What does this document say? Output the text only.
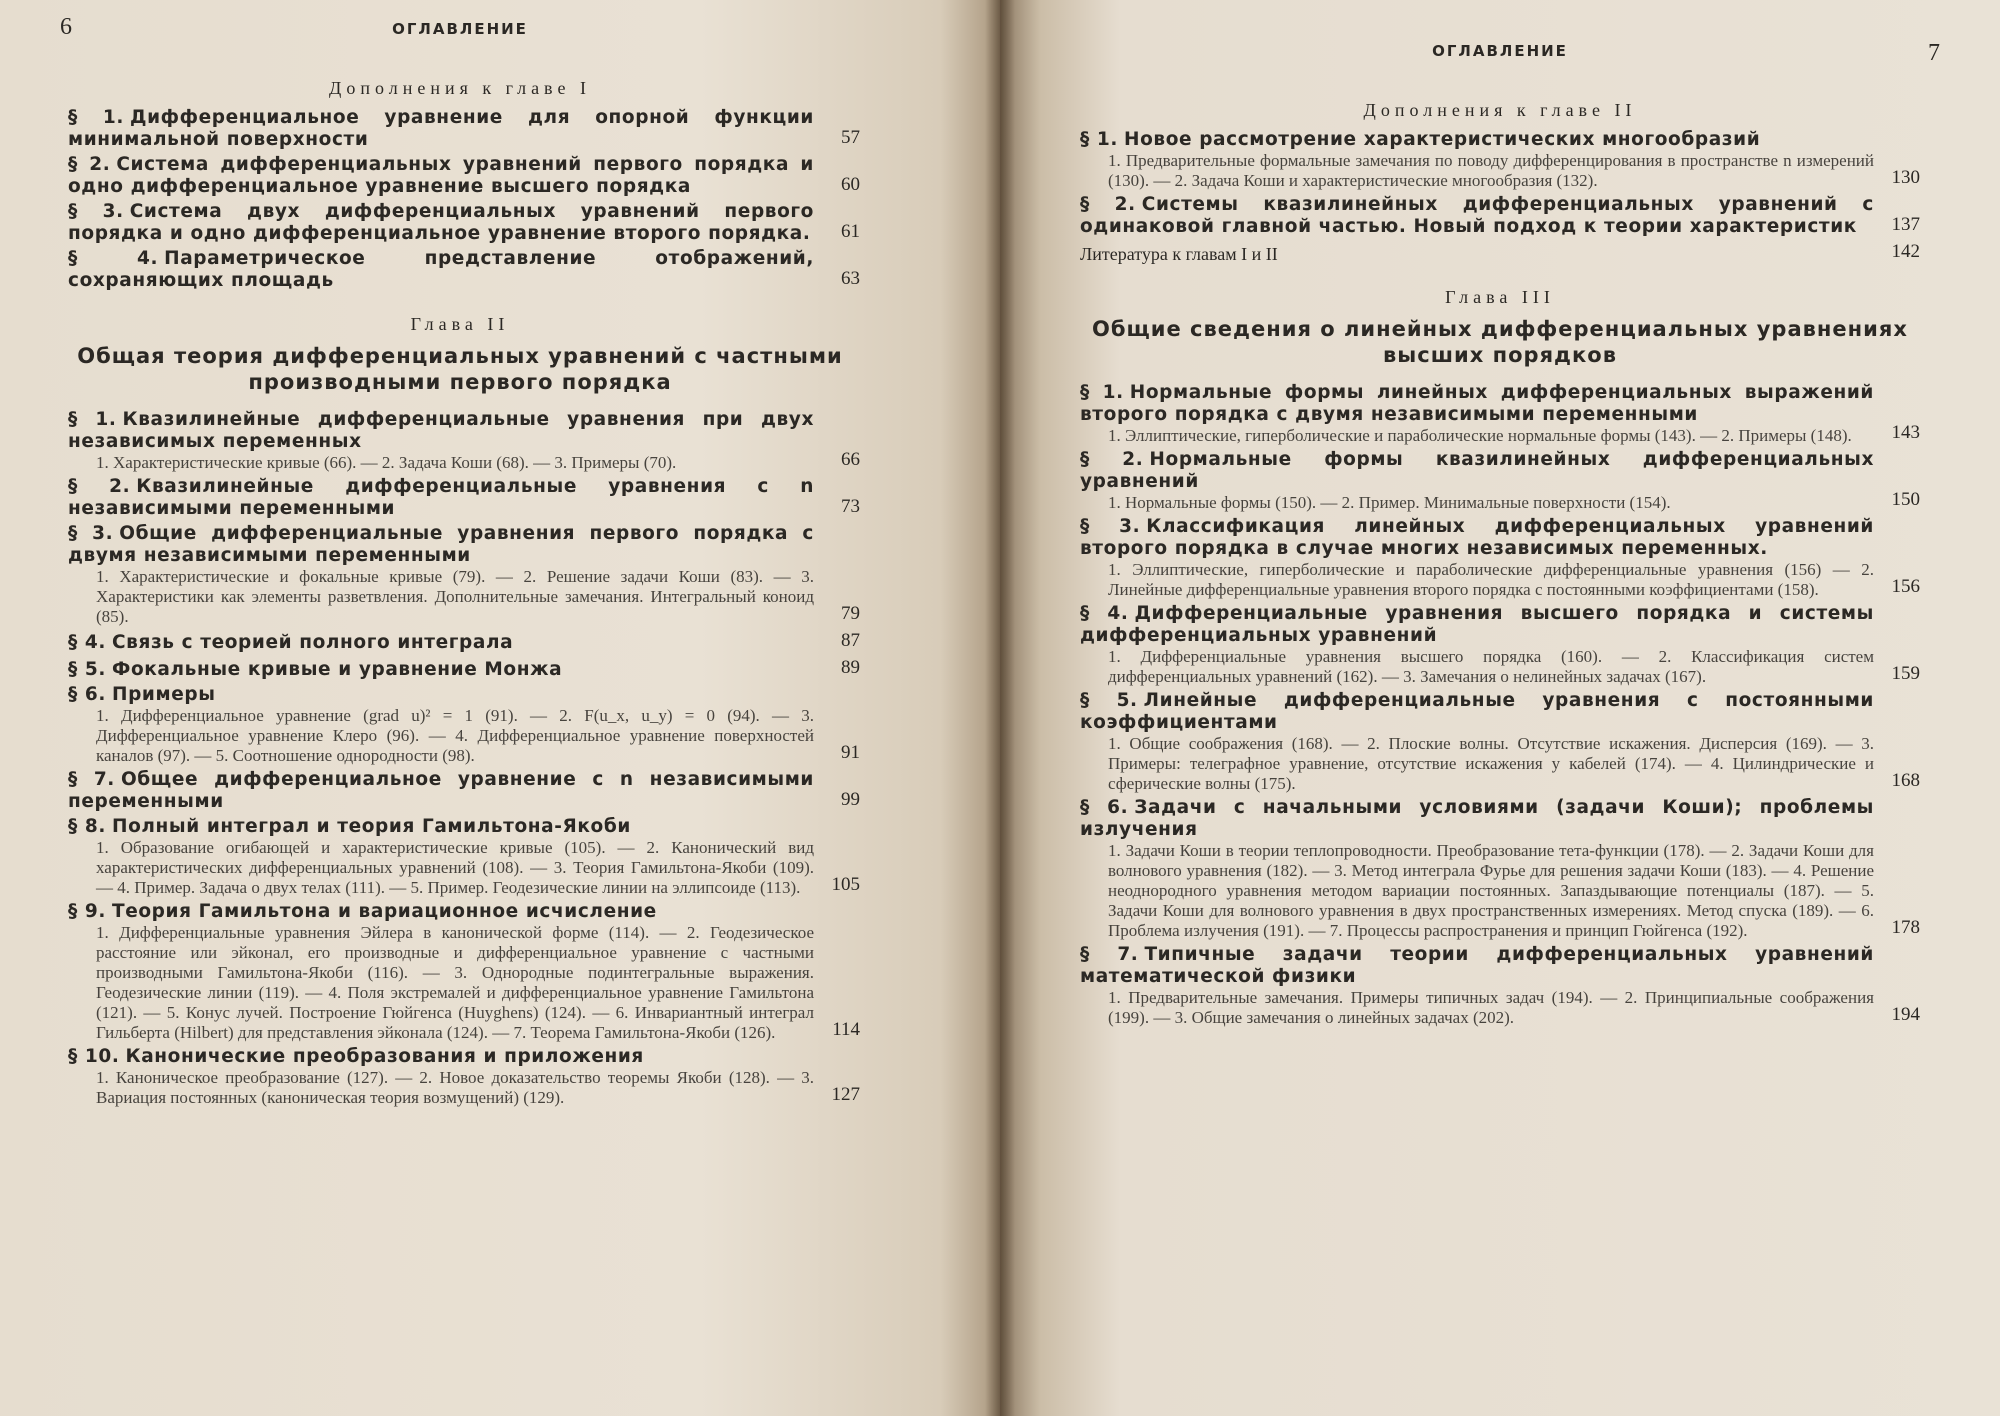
6	ОГЛАВЛЕНИЕ
Дополнения к главе I
§ 1. Дифференциальное уравнение для опорной функции минимальной поверхности	57
§ 2. Система дифференциальных уравнений первого порядка и одно дифференциальное уравнение высшего порядка	60
§ 3. Система двух дифференциальных уравнений первого порядка и одно дифференциальное уравнение второго порядка.	61
§ 4. Параметрическое представление отображений, сохраняющих площадь	63
Глава II
Общая теория дифференциальных уравнений с частными производными первого порядка
§ 1. Квазилинейные дифференциальные уравнения при двух независимых переменных
1. Характеристические кривые (66). — 2. Задача Коши (68). — 3. Примеры (70).	66
§ 2. Квазилинейные дифференциальные уравнения с n независимыми переменными	73
§ 3. Общие дифференциальные уравнения первого порядка с двумя независимыми переменными
1. Характеристические и фокальные кривые (79). — 2. Решение задачи Коши (83). — 3. Характеристики как элементы разветвления. Дополнительные замечания. Интегральный коноид (85).	79
§ 4. Связь с теорией полного интеграла	87
§ 5. Фокальные кривые и уравнение Монжа	89
§ 6. Примеры
1. Дифференциальное уравнение (grad u)² = 1 (91). — 2. F(u_x, u_y) = 0 (94). — 3. Дифференциальное уравнение Клеро (96). — 4. Дифференциальное уравнение поверхностей каналов (97). — 5. Соотношение однородности (98).	91
§ 7. Общее дифференциальное уравнение с n независимыми переменными	99
§ 8. Полный интеграл и теория Гамильтона-Якоби
1. Образование огибающей и характеристические кривые (105). — 2. Канонический вид характеристических дифференциальных уравнений (108). — 3. Теория Гамильтона-Якоби (109). — 4. Пример. Задача о двух телах (111). — 5. Пример. Геодезические линии на эллипсоиде (113).	105
§ 9. Теория Гамильтона и вариационное исчисление
1. Дифференциальные уравнения Эйлера в канонической форме (114). — 2. Геодезическое расстояние или эйконал, его производные и дифференциальное уравнение с частными производными Гамильтона-Якоби (116). — 3. Однородные подинтегральные выражения. Геодезические линии (119). — 4. Поля экстремалей и дифференциальное уравнение Гамильтона (121). — 5. Конус лучей. Построение Гюйгенса (Huyghens) (124). — 6. Инвариантный интеграл Гильберта (Hilbert) для представления эйконала (124). — 7. Теорема Гамильтона-Якоби (126).	114
§ 10. Канонические преобразования и приложения
1. Каноническое преобразование (127). — 2. Новое доказательство теоремы Якоби (128). — 3. Вариация постоянных (каноническая теория возмущений) (129).	127
7
ОГЛАВЛЕНИЕ
Дополнения к главе II
§ 1. Новое рассмотрение характеристических многообразий
1. Предварительные формальные замечания по поводу дифференцирования в пространстве n измерений (130). — 2. Задача Коши и характеристические многообразия (132).	130
§ 2. Системы квазилинейных дифференциальных уравнений с одинаковой главной частью. Новый подход к теории характеристик	137
Литература к главам I и II	142
Глава III
Общие сведения о линейных дифференциальных уравнениях высших порядков
§ 1. Нормальные формы линейных дифференциальных выражений второго порядка с двумя независимыми переменными
1. Эллиптические, гиперболические и параболические нормальные формы (143). — 2. Примеры (148).	143
§ 2. Нормальные формы квазилинейных дифференциальных уравнений
1. Нормальные формы (150). — 2. Пример. Минимальные поверхности (154).	150
§ 3. Классификация линейных дифференциальных уравнений второго порядка в случае многих независимых переменных.
1. Эллиптические, гиперболические и параболические дифференциальные уравнения (156) — 2. Линейные дифференциальные уравнения второго порядка с постоянными коэффициентами (158).	156
§ 4. Дифференциальные уравнения высшего порядка и системы дифференциальных уравнений
1. Дифференциальные уравнения высшего порядка (160). — 2. Классификация систем дифференциальных уравнений (162). — 3. Замечания о нелинейных задачах (167).	159
§ 5. Линейные дифференциальные уравнения с постоянными коэффициентами
1. Общие соображения (168). — 2. Плоские волны. Отсутствие искажения. Дисперсия (169). — 3. Примеры: телеграфное уравнение, отсутствие искажения у кабелей (174). — 4. Цилиндрические и сферические волны (175).	168
§ 6. Задачи с начальными условиями (задачи Коши); проблемы излучения
1. Задачи Коши в теории теплопроводности. Преобразование тета-функции (178). — 2. Задачи Коши для волнового уравнения (182). — 3. Метод интеграла Фурье для решения задачи Коши (183). — 4. Решение неоднородного уравнения методом вариации постоянных. Запаздывающие потенциалы (187). — 5. Задачи Коши для волнового уравнения в двух пространственных измерениях. Метод спуска (189). — 6. Проблема излучения (191). — 7. Процессы распространения и принцип Гюйгенса (192).	178
§ 7. Типичные задачи теории дифференциальных уравнений математической физики
1. Предварительные замечания. Примеры типичных задач (194). — 2. Принципиальные соображения (199). — 3. Общие замечания о линейных задачах (202).	194
